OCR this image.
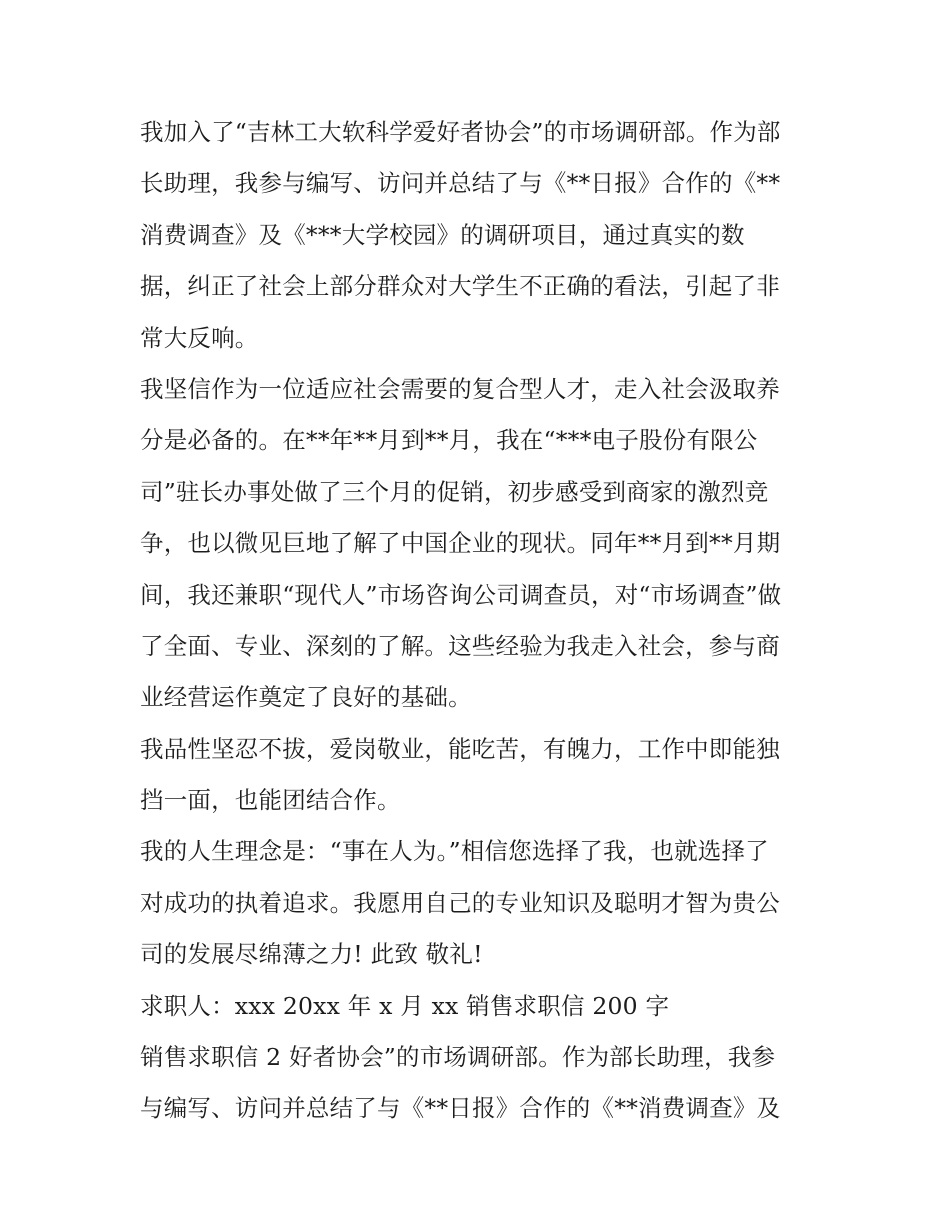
我加入了“吉林工大软科学爱好者协会”的市场调研部。作为部
长助理，我参与编写、访问并总结了与《**日报》合作的《**
消费调查》及《***大学校园》的调研项目，通过真实的数
据，纠正了社会上部分群众对大学生不正确的看法，引起了非
常大反响。
我坚信作为一位适应社会需要的复合型人才，走入社会汲取养
分是必备的。在**年**月到**月，我在“***电子股份有限公
司”驻长办事处做了三个月的促销，初步感受到商家的激烈竞
争，也以微见巨地了解了中国企业的现状。同年**月到**月期
间，我还兼职“现代人”市场咨询公司调查员，对“市场调查”做
了全面、专业、深刻的了解。这些经验为我走入社会，参与商
业经营运作奠定了良好的基础。
我品性坚忍不拔，爱岗敬业，能吃苦，有魄力，工作中即能独
挡一面，也能团结合作。
我的人生理念是：“事在人为。”相信您选择了我，也就选择了
对成功的执着追求。我愿用自己的专业知识及聪明才智为贵公
司的发展尽绵薄之力! 此致 敬礼!
求职人：xxx 20xx 年 x 月 xx 销售求职信 200 字
销售求职信 2 好者协会”的市场调研部。作为部长助理，我参
与编写、访问并总结了与《**日报》合作的《**消费调查》及
